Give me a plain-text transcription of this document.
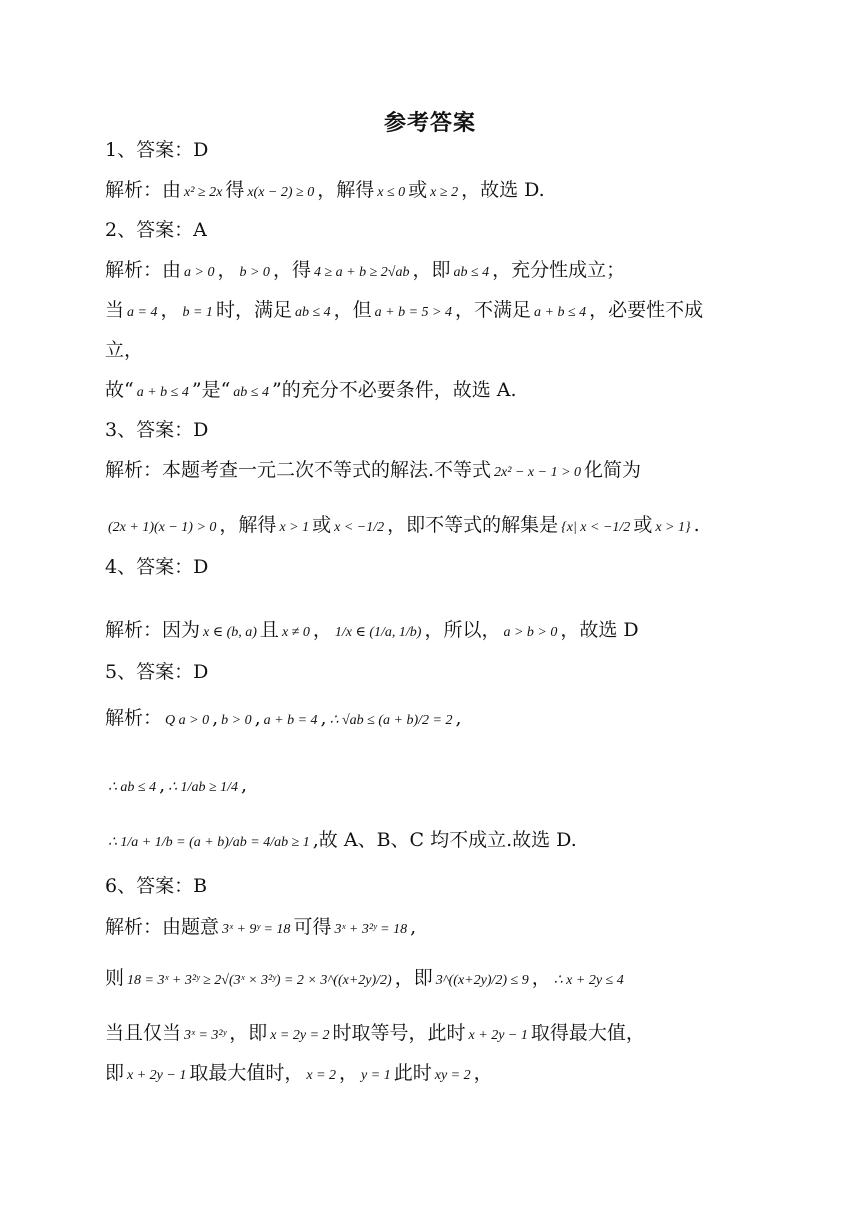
参考答案
1、答案：D
解析：由 x² ≥ 2x 得 x(x − 2) ≥ 0 ，解得 x ≤ 0 或 x ≥ 2 ，故选 D.
2、答案：A
解析：由 a > 0 ， b > 0 ，得 4 ≥ a + b ≥ 2√ab ，即 ab ≤ 4 ，充分性成立；
当 a = 4 ， b = 1 时，满足 ab ≤ 4 ，但 a + b = 5 > 4 ，不满足 a + b ≤ 4 ，必要性不成
立，
故“ a + b ≤ 4 ”是“ ab ≤ 4 ”的充分不必要条件，故选 A.
3、答案：D
解析：本题考查一元二次不等式的解法.不等式 2x² − x − 1 > 0 化简为
(2x + 1)(x − 1) > 0 ，解得 x > 1 或 x < −1/2 ，即不等式的解集是 {x| x < −1/2 或 x > 1} .
4、答案：D
解析：因为 x ∈ (b, a) 且 x ≠ 0 ， 1/x ∈ (1/a, 1/b) ，所以， a > b > 0 ，故选 D
5、答案：D
解析： Q a > 0 , b > 0 , a + b = 4 , ∴ √ab ≤ (a + b)/2 = 2 ,
∴ ab ≤ 4 , ∴ 1/ab ≥ 1/4 ,
∴ 1/a + 1/b = (a + b)/ab = 4/ab ≥ 1 ,故 A、B、C 均不成立.故选 D.
6、答案：B
解析：由题意 3ˣ + 9ʸ = 18 可得 3ˣ + 3²ʸ = 18 ,
则 18 = 3ˣ + 3²ʸ ≥ 2√(3ˣ × 3²ʸ) = 2 × 3^((x+2y)/2) ，即 3^((x+2y)/2) ≤ 9 ， ∴ x + 2y ≤ 4
当且仅当 3ˣ = 3²ʸ ，即 x = 2y = 2 时取等号，此时 x + 2y − 1 取得最大值，
即 x + 2y − 1 取最大值时， x = 2 ， y = 1 此时 xy = 2 ，
